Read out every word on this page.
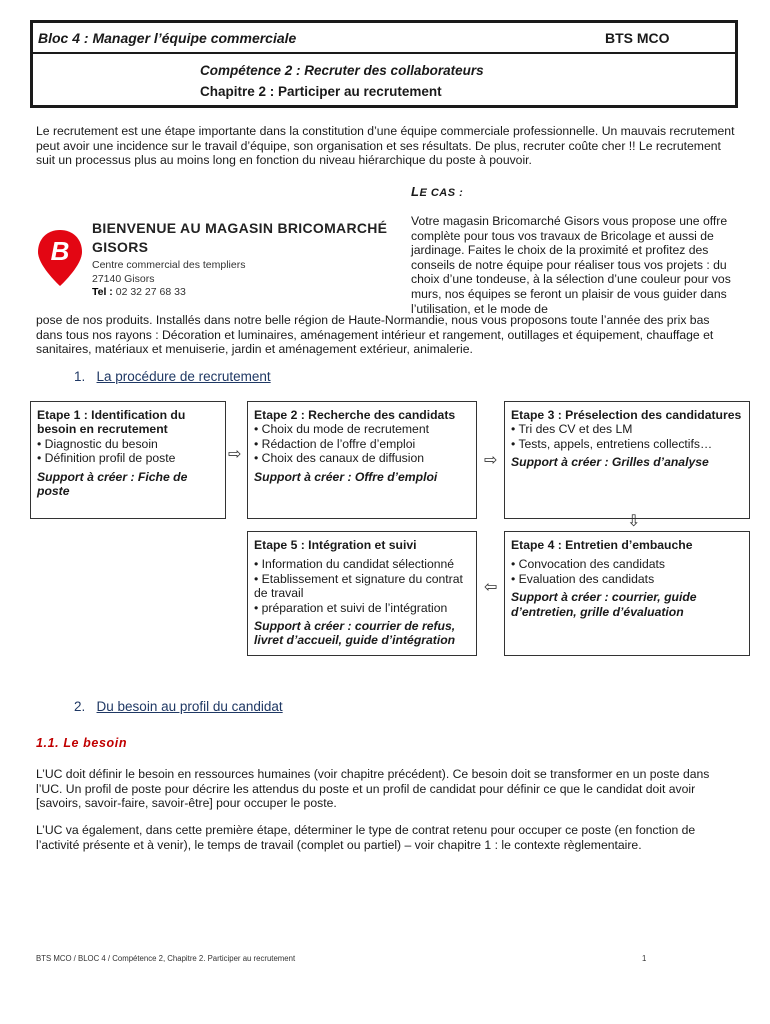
Bloc 4 : Manager l’équipe commerciale	BTS MCO
Compétence 2 : Recruter des collaborateurs
Chapitre 2 : Participer au recrutement
Le recrutement est une étape importante dans la constitution d’une équipe commerciale professionnelle. Un mauvais recrutement peut avoir une incidence sur le travail d’équipe, son organisation et ses résultats. De plus, recruter coûte cher !! Le recrutement suit un processus plus au moins long en fonction du niveau hiérarchique du poste à pouvoir.
LE CAS :
B
BIENVENUE AU MAGASIN BRICOMARCHÉ
GISORS
Centre commercial des templiers
27140 Gisors
Tel : 02 32 27 68 33
Votre magasin Bricomarché Gisors vous propose une offre complète pour tous vos travaux de Bricolage et aussi de jardinage. Faites le choix de la proximité et profitez des conseils de notre équipe pour réaliser tous vos projets : du choix d’une tondeuse, à la sélection d’une couleur pour vos murs, nos équipes se feront un plaisir de vous guider dans l’utilisation, et le mode de
pose de nos produits. Installés dans notre belle région de Haute-Normandie, nous vous proposons toute l’année des prix bas dans tous nos rayons : Décoration et luminaires, aménagement intérieur et rangement, outillages et équipement, chauffage et sanitaires, matériaux et menuiserie, jardin et aménagement extérieur, animalerie.
1. La procédure de recrutement
Etape 1 : Identification du besoin en recrutement
• Diagnostic du besoin
• Définition profil de poste
Support à créer : Fiche de poste
Etape 2 : Recherche des candidats
• Choix du mode de recrutement
• Rédaction de l’offre d’emploi
• Choix des canaux de diffusion
Support à créer : Offre d’emploi
Etape 3 : Préselection des candidatures
• Tri des CV et des LM
• Tests, appels, entretiens collectifs…
Support à créer : Grilles d’analyse
Etape 4 : Entretien d’embauche
• Convocation des candidats
• Evaluation des candidats
Support à créer : courrier, guide d’entretien, grille d’évaluation
Etape 5 : Intégration et suivi
• Information du candidat sélectionné
• Etablissement et signature du contrat de travail
• préparation et suivi de l’intégration
Support à créer : courrier de refus, livret d’accueil, guide d’intégration
⇨	⇨
⇩
⇦
2. Du besoin au profil du candidat
1.1. Le besoin
L’UC doit définir le besoin en ressources humaines (voir chapitre précédent). Ce besoin doit se transformer en un poste dans l’UC. Un profil de poste pour décrire les attendus du poste et un profil de candidat pour définir ce que le candidat doit avoir [savoirs, savoir-faire, savoir-être] pour occuper le poste.
L’UC va également, dans cette première étape, déterminer le type de contrat retenu pour occuper ce poste (en fonction de l’activité présente et à venir), le temps de travail (complet ou partiel) – voir chapitre 1 : le contexte règlementaire.
BTS MCO / BLOC 4 / Compétence 2, Chapitre 2. Participer au recrutement	1
